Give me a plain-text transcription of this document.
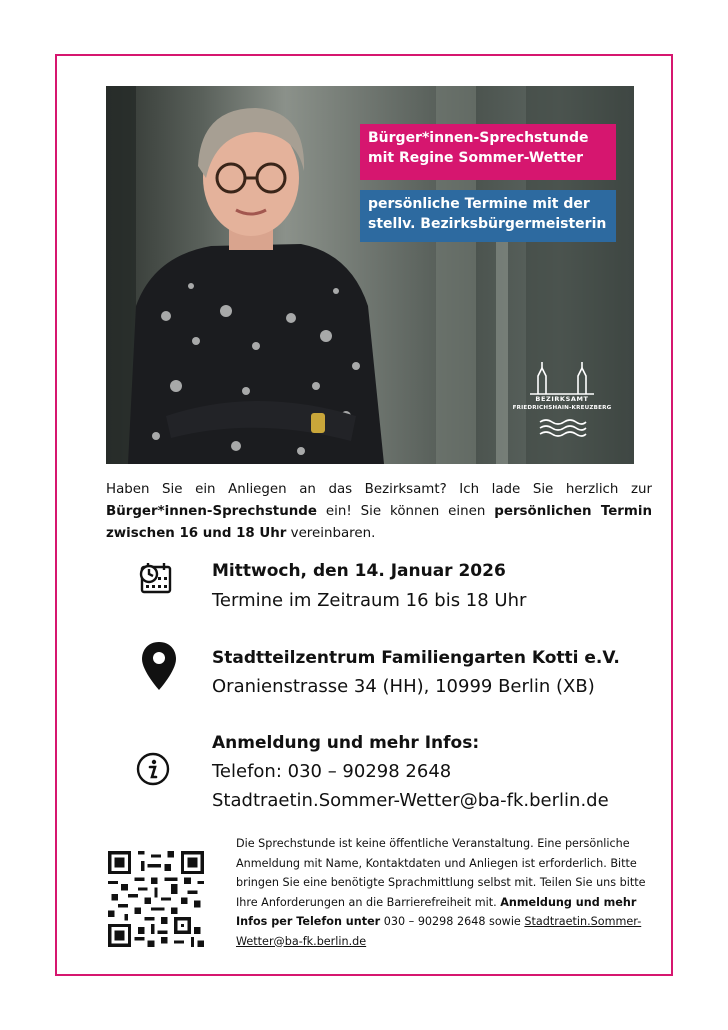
Bürger*innen-Sprechstunde
mit Regine Sommer-Wetter
persönliche Termine mit der
stellv. Bezirksbürgermeisterin
BEZIRKSAMT
FRIEDRICHSHAIN-KREUZBERG
Haben Sie ein Anliegen an das Bezirksamt? Ich lade Sie herzlich zur Bürger*innen-Sprechstunde ein! Sie können einen persönlichen Termin zwischen 16 und 18 Uhr vereinbaren.
Mittwoch, den 14. Januar 2026
Termine im Zeitraum 16 bis 18 Uhr
Stadtteilzentrum Familiengarten Kotti e.V.
Oranienstrasse 34 (HH), 10999 Berlin (XB)
Anmeldung und mehr Infos:
Telefon: 030 – 90298 2648
Stadtraetin.Sommer-Wetter@ba-fk.berlin.de
Die Sprechstunde ist keine öffentliche Veranstaltung. Eine persönliche Anmeldung mit Name, Kontaktdaten und Anliegen ist erforderlich. Bitte bringen Sie eine benötigte Sprachmittlung selbst mit. Teilen Sie uns bitte Ihre Anforderungen an die Barrierefreiheit mit. Anmeldung und mehr Infos per Telefon unter 030 – 90298 2648 sowie Stadtraetin.Sommer-Wetter@ba-fk.berlin.de
